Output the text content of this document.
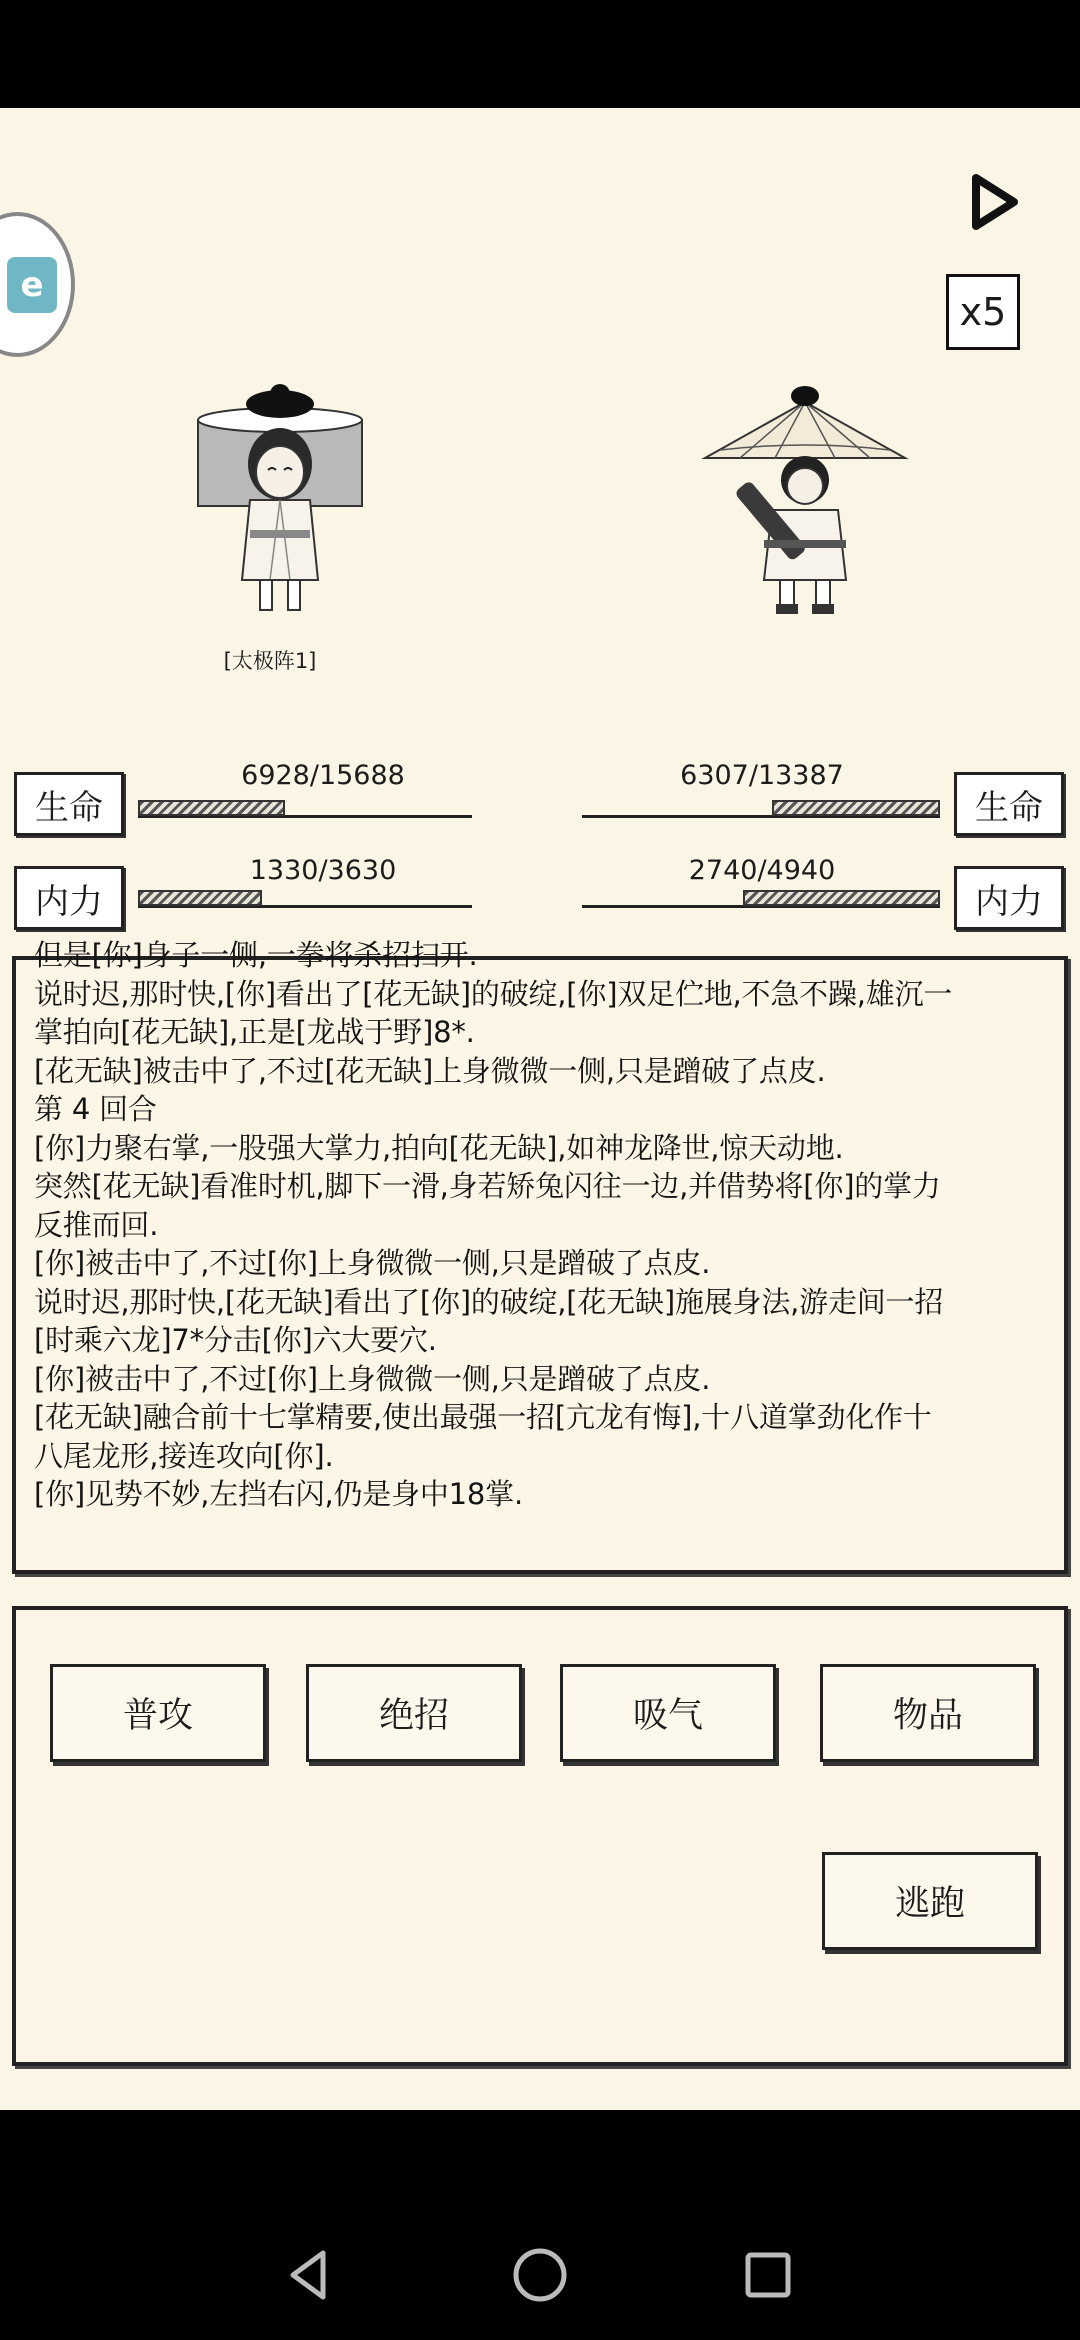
e
x5
[太极阵1]
生命
6928/15688
内力
1330/3630
生命
6307/13387
内力
2740/4940
但是[你]身子一侧,一拳将杀招扫开.
说时迟,那时快,[你]看出了[花无缺]的破绽,[你]双足伫地,不急不躁,雄沉一
掌拍向[花无缺],正是[龙战于野]8*.
[花无缺]被击中了,不过[花无缺]上身微微一侧,只是蹭破了点皮.
第 4 回合
[你]力聚右掌,一股强大掌力,拍向[花无缺],如神龙降世,惊天动地.
突然[花无缺]看准时机,脚下一滑,身若矫兔闪往一边,并借势将[你]的掌力
反推而回.
[你]被击中了,不过[你]上身微微一侧,只是蹭破了点皮.
说时迟,那时快,[花无缺]看出了[你]的破绽,[花无缺]施展身法,游走间一招
[时乘六龙]7*分击[你]六大要穴.
[你]被击中了,不过[你]上身微微一侧,只是蹭破了点皮.
[花无缺]融合前十七掌精要,使出最强一招[亢龙有悔],十八道掌劲化作十
八尾龙形,接连攻向[你].
[你]见势不妙,左挡右闪,仍是身中18掌.
普攻	绝招	吸气	物品
逃跑
